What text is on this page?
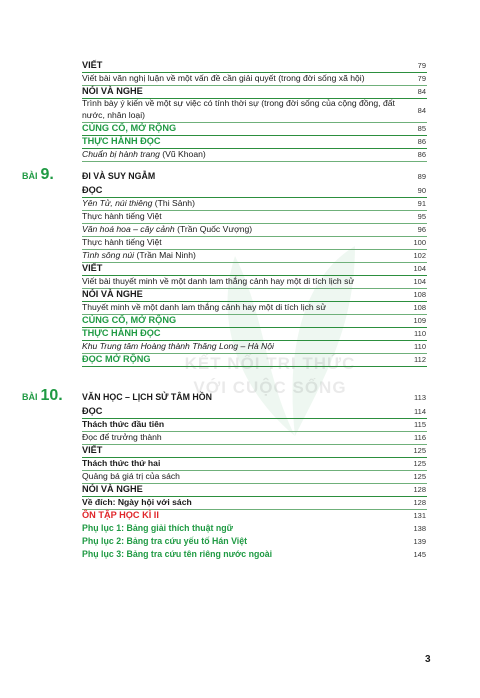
KẾT NỐI TRI THỨC
VỚI CUỘC SỐNG
VIẾT	79
Viết bài văn nghị luận về một vấn đề cần giải quyết (trong đời sống xã hội)	79
NÓI VÀ NGHE	84
Trình bày ý kiến về một sự việc có tính thời sự (trong đời sống của cộng đồng, đất nước, nhân loại)	84
CỦNG CỐ, MỞ RỘNG	85
THỰC HÀNH ĐỌC	86
Chuẩn bị hành trang (Vũ Khoan)	86
BÀI 9.	ĐI VÀ SUY NGẪM	89
ĐỌC	90
Yên Tử, núi thiêng (Thi Sảnh)	91
Thực hành tiếng Việt	95
Văn hoá hoa – cây cảnh (Trần Quốc Vượng)	96
Thực hành tiếng Việt	100
Tình sông núi (Trần Mai Ninh)	102
VIẾT	104
Viết bài thuyết minh về một danh lam thắng cảnh hay một di tích lịch sử	104
NÓI VÀ NGHE	108
Thuyết minh về một danh lam thắng cảnh hay một di tích lịch sử	108
CỦNG CỐ, MỞ RỘNG	109
THỰC HÀNH ĐỌC	110
Khu Trung tâm Hoàng thành Thăng Long – Hà Nội	110
ĐỌC MỞ RỘNG	112
BÀI 10. VĂN HỌC – LỊCH SỬ TÂM HỒN	113
ĐỌC	114
Thách thức đầu tiên	115
Đọc để trưởng thành	116
VIẾT	125
Thách thức thứ hai	125
Quảng bá giá trị của sách	125
NÓI VÀ NGHE	128
Về đích: Ngày hội với sách	128
ÔN TẬP HỌC KÌ II	131
Phụ lục 1: Bảng giải thích thuật ngữ	138
Phụ lục 2: Bảng tra cứu yếu tố Hán Việt	139
Phụ lục 3: Bảng tra cứu tên riêng nước ngoài	145
3
